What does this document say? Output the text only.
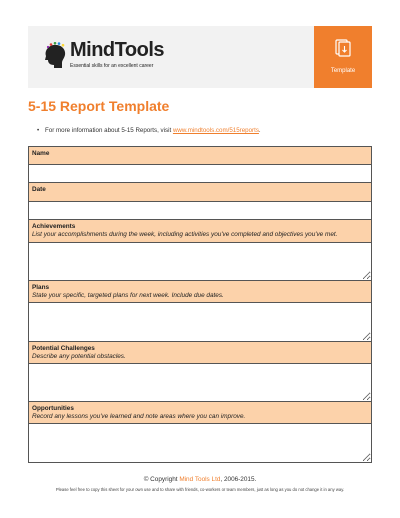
MindTools
Essential skills for an excellent career
Template
5-15 Report Template
• For more information about 5-15 Reports, visit www.mindtools.com/515reports.
Name
Date
Achievements
List your accomplishments during the week, including activities you've completed and objectives you've met.
Plans
State your specific, targeted plans for next week. Include due dates.
Potential Challenges
Describe any potential obstacles.
Opportunities
Record any lessons you've learned and note areas where you can improve.
© Copyright Mind Tools Ltd, 2006-2015.
Please feel free to copy this sheet for your own use and to share with friends, co-workers or team members, just as long as you do not change it in any way.
